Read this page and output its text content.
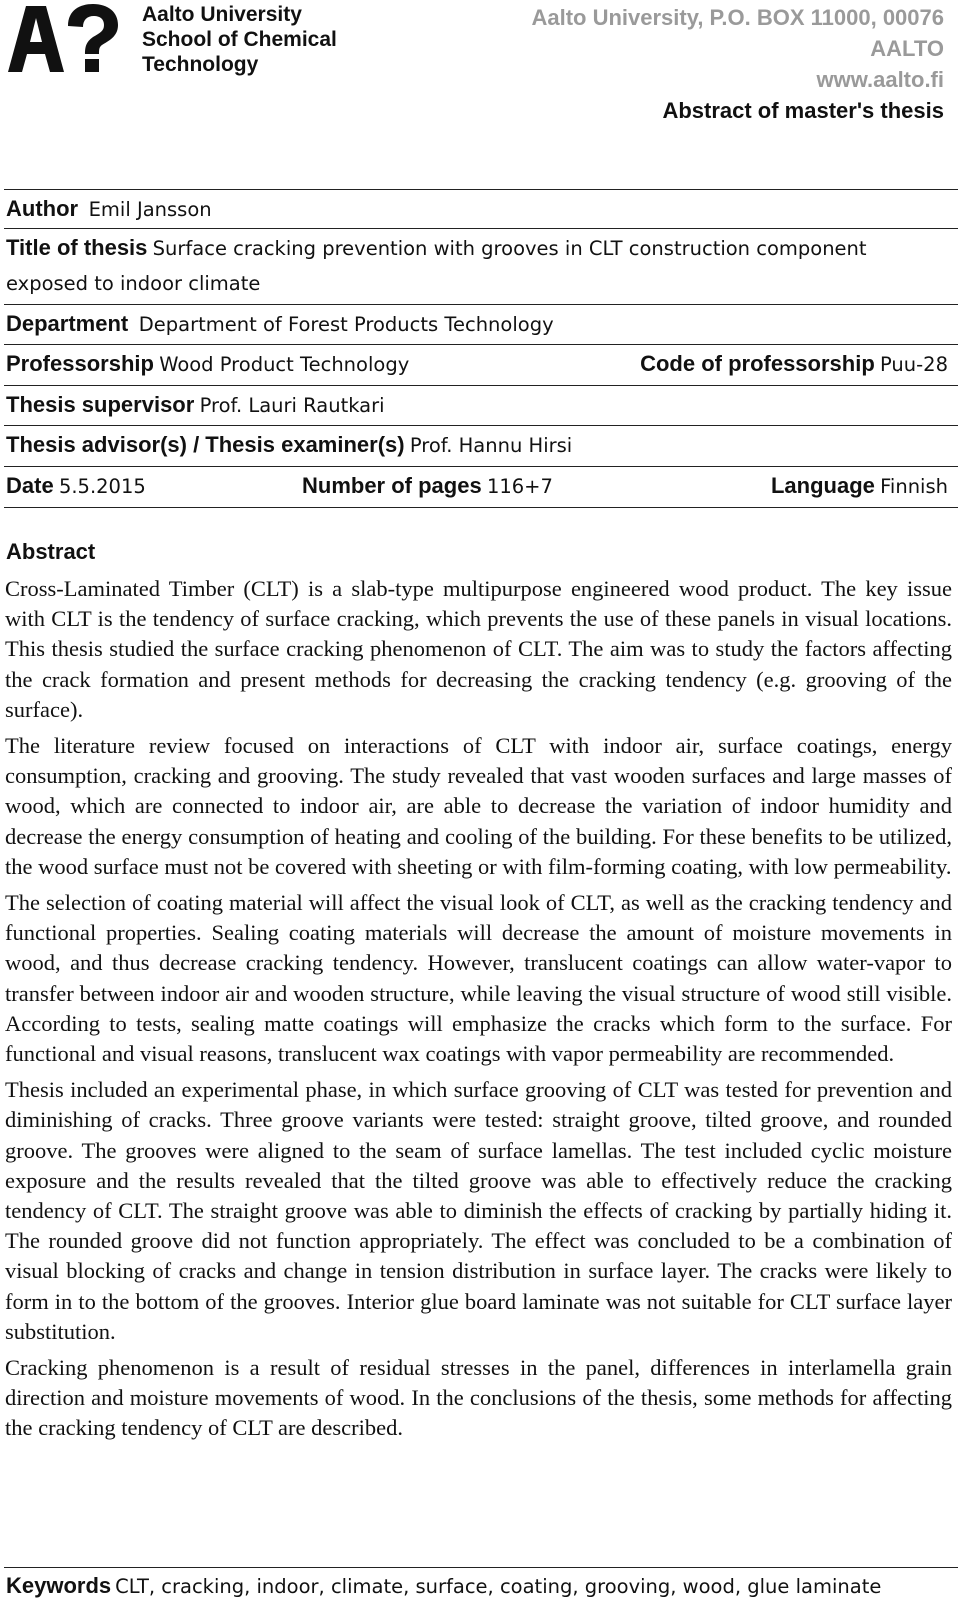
Aalto University
School of Chemical
Technology
Aalto University, P.O. BOX 11000, 00076
AALTO
www.aalto.fi
Abstract of master's thesis
Author Emil Jansson
Title of thesis Surface cracking prevention with grooves in CLT construction component exposed to indoor climate
Department Department of Forest Products Technology
Professorship Wood Product Technology	Code of professorship Puu-28
Thesis supervisor Prof. Lauri Rautkari
Thesis advisor(s) / Thesis examiner(s) Prof. Hannu Hirsi
Date 5.5.2015	Number of pages 116+7	Language Finnish
Abstract

Cross-Laminated Timber (CLT) is a slab-type multipurpose engineered wood product. The key issue with CLT is the tendency of surface cracking, which prevents the use of these panels in visual locations. This thesis studied the surface cracking phenomenon of CLT. The aim was to study the factors affecting the crack formation and present methods for decreasing the cracking tendency (e.g. grooving of the surface).

The literature review focused on interactions of CLT with indoor air, surface coatings, energy consumption, cracking and grooving. The study revealed that vast wooden surfaces and large masses of wood, which are connected to indoor air, are able to decrease the variation of indoor humidity and decrease the energy consumption of heating and cooling of the building. For these benefits to be utilized, the wood surface must not be covered with sheeting or with film-forming coating, with low permeability.

The selection of coating material will affect the visual look of CLT, as well as the cracking tendency and functional properties. Sealing coating materials will decrease the amount of moisture movements in wood, and thus decrease cracking tendency. However, translucent coatings can allow water-vapor to transfer between indoor air and wooden structure, while leaving the visual structure of wood still visible. According to tests, sealing matte coatings will emphasize the cracks which form to the surface. For functional and visual reasons, translucent wax coatings with vapor permeability are recommended.

Thesis included an experimental phase, in which surface grooving of CLT was tested for prevention and diminishing of cracks. Three groove variants were tested: straight groove, tilted groove, and rounded groove. The grooves were aligned to the seam of surface lamellas. The test included cyclic moisture exposure and the results revealed that the tilted groove was able to effectively reduce the cracking tendency of CLT. The straight groove was able to diminish the effects of cracking by partially hiding it. The rounded groove did not function appropriately. The effect was concluded to be a combination of visual blocking of cracks and change in tension distribution in surface layer. The cracks were likely to form in to the bottom of the grooves. Interior glue board laminate was not suitable for CLT surface layer substitution.

Cracking phenomenon is a result of residual stresses in the panel, differences in interlamella grain direction and moisture movements of wood. In the conclusions of the thesis, some methods for affecting the cracking tendency of CLT are described.

Keywords CLT, cracking, indoor, climate, surface, coating, grooving, wood, glue laminate
